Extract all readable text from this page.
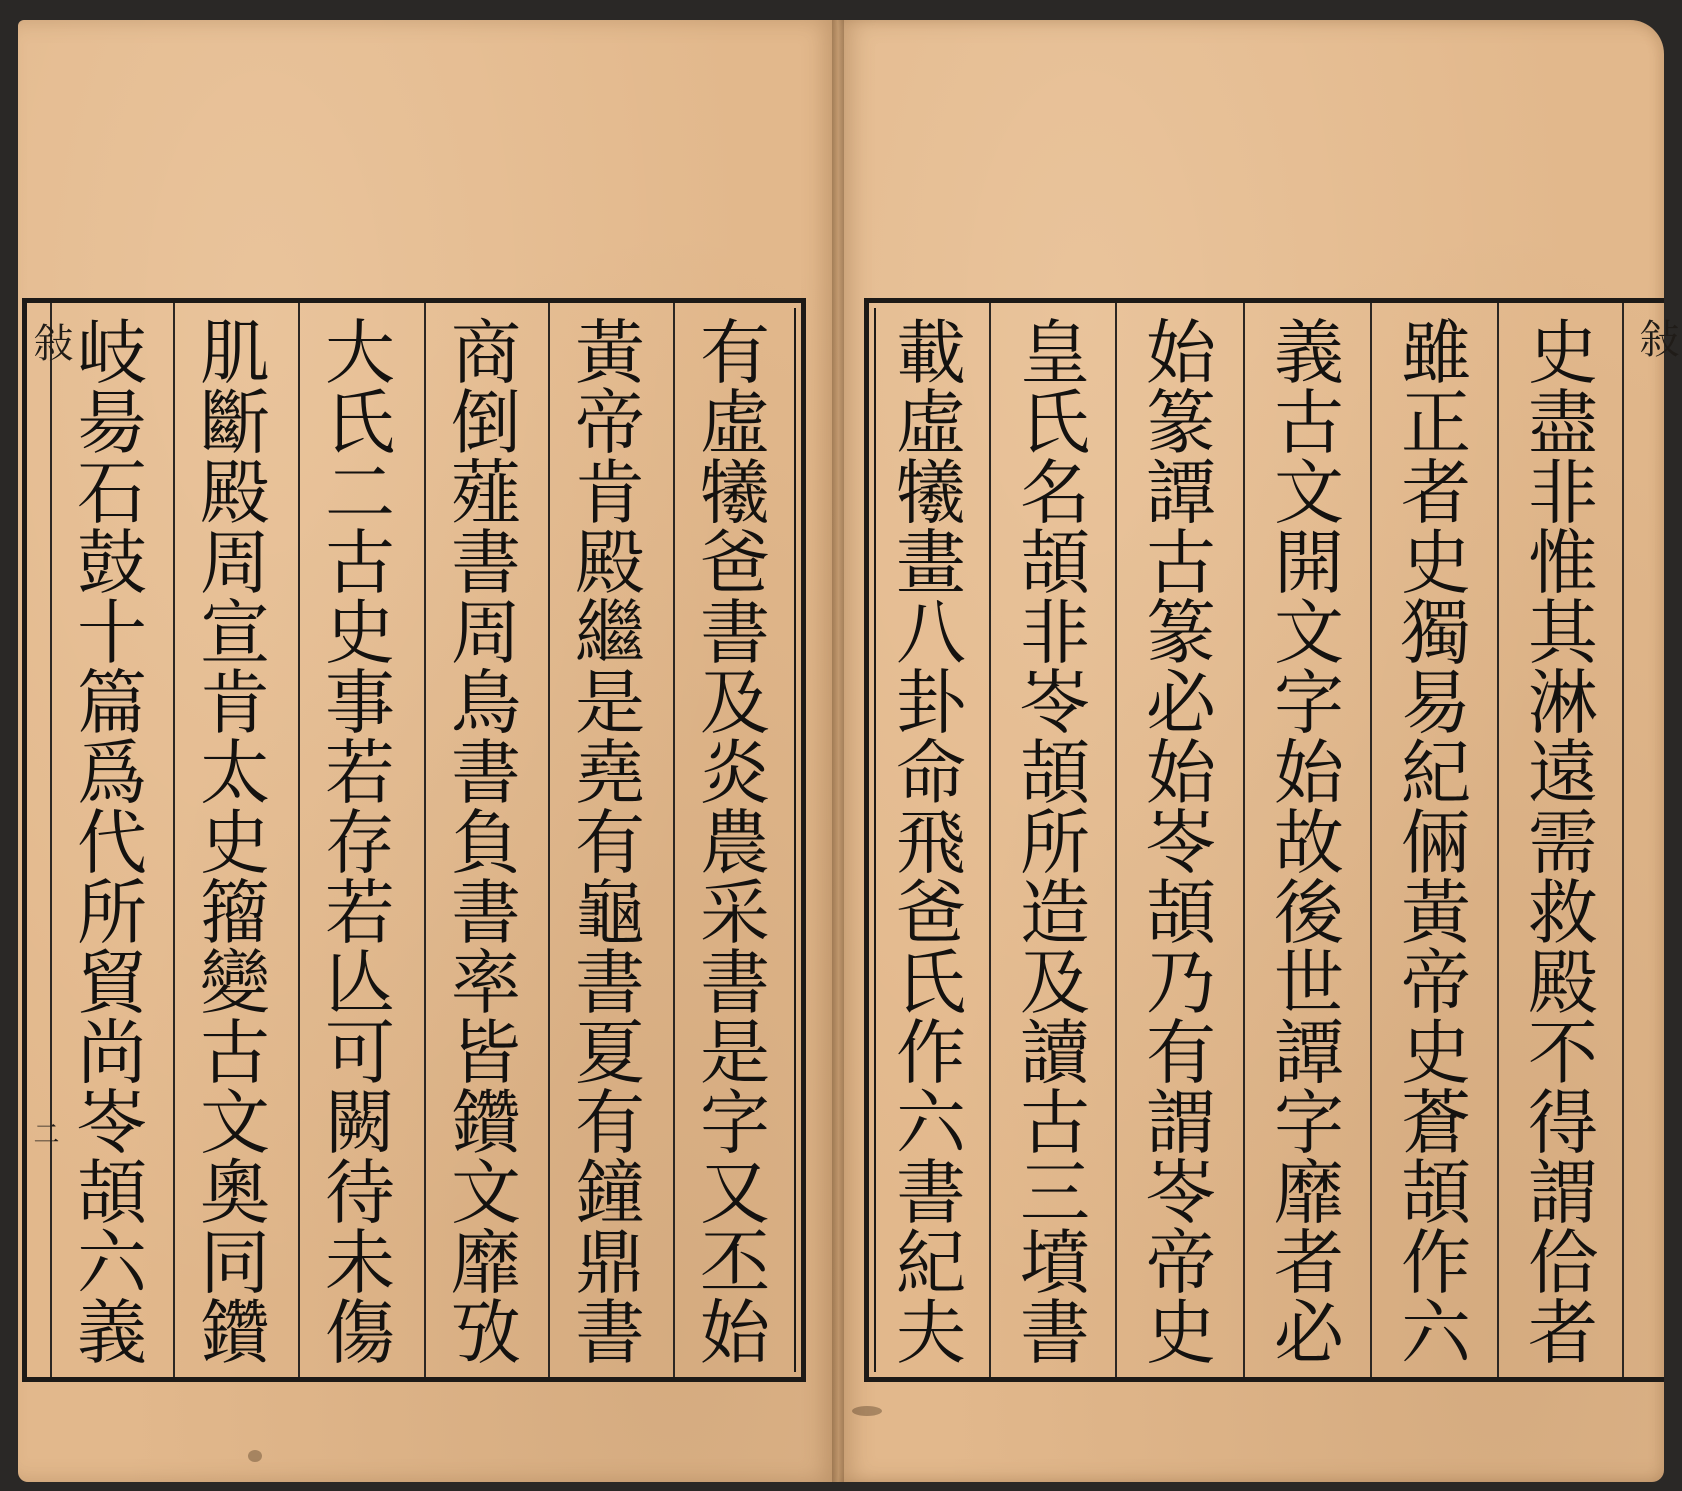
敍
二
有
虛
犧
爸
書
及
炎
農
采
書
是
字
又
丕
始
黃
帝
肯
殿
繼
是
堯
有
龜
書
夏
有
鐘
鼎
書
商
倒
薤
書
周
鳥
書
負
書
率
皆
鑽
文
靡
攷
大
氏
二
古
史
事
若
存
若
亾
可
闕
待
未
傷
肌
斷
殿
周
宣
肯
太
史
籀
變
古
文
奧
同
鑽
岐
昜
石
鼓
十
篇
爲
代
所
貿
尚
岺
頡
六
義
敍
史
盡
非
惟
其
淋
遠
需
救
殿
不
得
謂
佮
者
雖
正
者
史
獨
易
紀
倆
黃
帝
史
蒼
頡
作
六
義
古
文
開
文
字
始
故
後
世
譚
字
靡
者
必
始
篆
譚
古
篆
必
始
岺
頡
乃
有
謂
岺
帝
史
皇
氏
名
頡
非
岺
頡
所
造
及
讀
古
三
墳
書
載
虛
犧
畫
八
卦
命
飛
爸
氏
作
六
書
紀
夫
